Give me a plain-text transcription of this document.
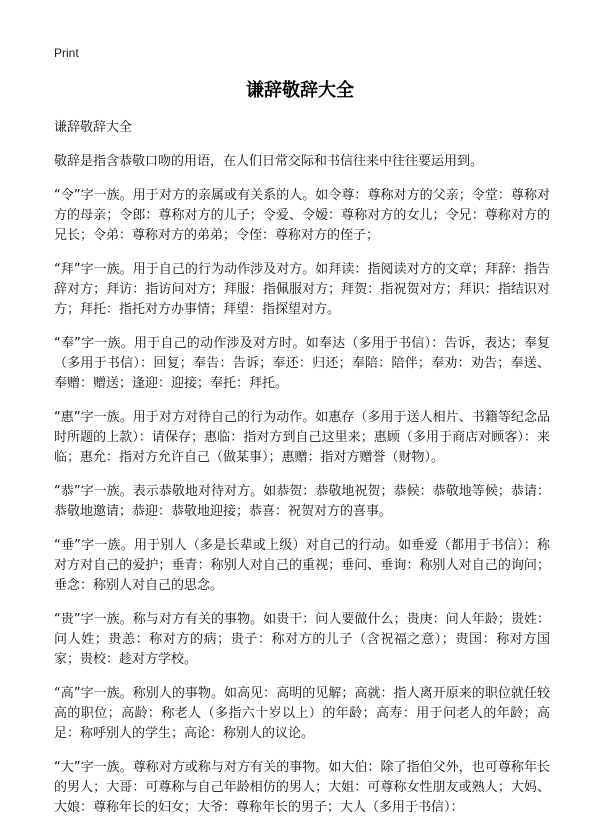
Print
谦辞敬辞大全

谦辞敬辞大全

敬辞是指含恭敬口吻的用语，在人们日常交际和书信往来中往往要运用到。

“令”字一族。用于对方的亲属或有关系的人。如令尊：尊称对方的父亲；令堂：尊称对方的母亲；令郎：尊称对方的儿子；令爱、令嫒：尊称对方的女儿；令兄：尊称对方的兄长；令弟：尊称对方的弟弟；令侄：尊称对方的侄子；

“拜”字一族。用于自己的行为动作涉及对方。如拜读：指阅读对方的文章；拜辞：指告辞对方；拜访：指访问对方；拜服：指佩服对方；拜贺：指祝贺对方；拜识：指结识对方；拜托：指托对方办事情；拜望：指探望对方。

“奉”字一族。用于自己的动作涉及对方时。如奉达（多用于书信）：告诉，表达；奉复（多用于书信）：回复；奉告：告诉；奉还：归还；奉陪：陪伴；奉劝：劝告；奉送、奉赠：赠送；逢迎：迎接；奉托：拜托。

“惠”字一族。用于对方对待自己的行为动作。如惠存（多用于送人相片、书籍等纪念品时所题的上款）：请保存；惠临：指对方到自己这里来；惠顾（多用于商店对顾客）：来临；惠允：指对方允许自己（做某事）；惠赠：指对方赠誉（财物）。

“恭”字一族。表示恭敬地对待对方。如恭贺：恭敬地祝贺；恭候：恭敬地等候；恭请：恭敬地邀请；恭迎：恭敬地迎接；恭喜：祝贺对方的喜事。

“垂”字一族。用于别人（多是长辈或上级）对自己的行动。如垂爱（都用于书信）：称对方对自己的爱护；垂青：称别人对自己的重视；垂问、垂询：称别人对自己的询问；垂念：称别人对自己的思念。

“贵”字一族。称与对方有关的事物。如贵干：问人要做什么；贵庚：问人年龄；贵姓：问人姓；贵恙：称对方的病；贵子：称对方的儿子（含祝福之意）；贵国：称对方国家；贵校：趁对方学校。

“高”字一族。称别人的事物。如高见：高明的见解；高就：指人离开原来的职位就任较高的职位；高龄：称老人（多指六十岁以上）的年龄；高寿：用于问老人的年龄；高足：称呼别人的学生；高论：称别人的议论。

“大”字一族。尊称对方或称与对方有关的事物。如大伯：除了指伯父外，也可尊称年长的男人；大哥：可尊称与自己年龄相仿的男人；大姐：可尊称女性朋友或熟人；大妈、大娘：尊称年长的妇女；大爷：尊称年长的男子；大人（多用于书信）：
